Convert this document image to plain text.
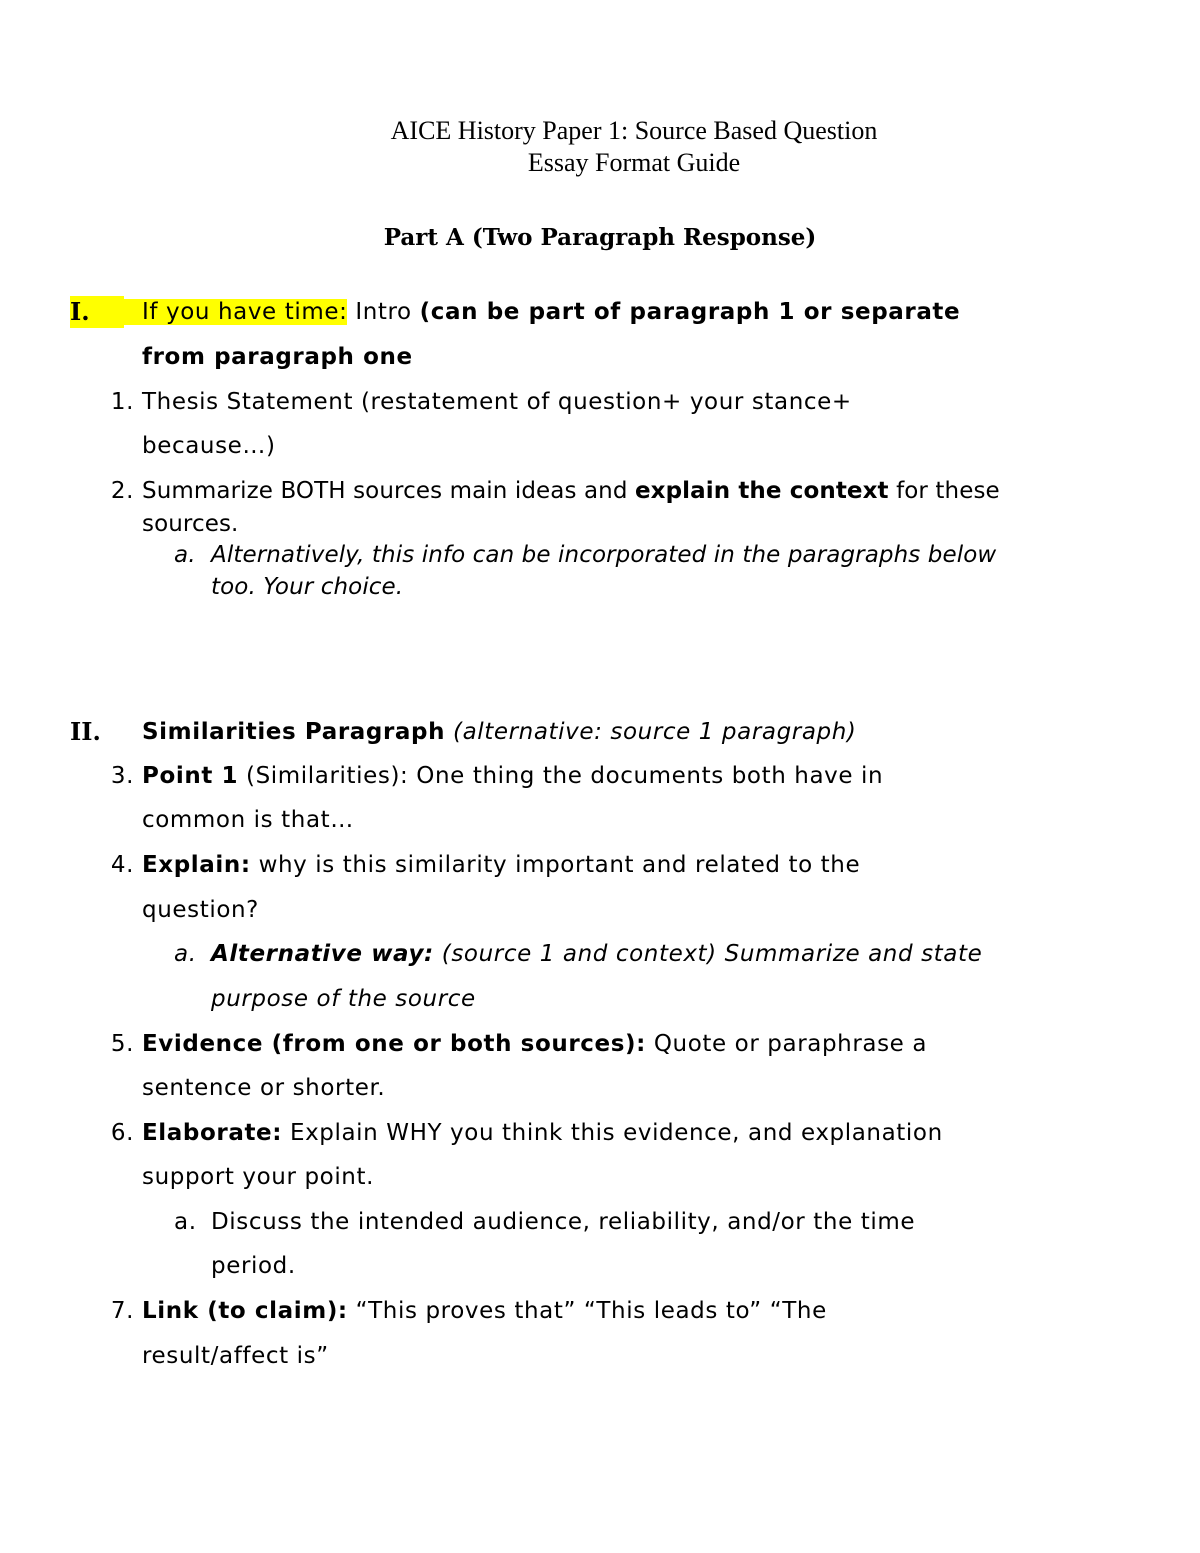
AICE History Paper 1: Source Based Question
Essay Format Guide
Part A (Two Paragraph Response)
I.	If you have time: Intro (can be part of paragraph 1 or separate
from paragraph one
1. Thesis Statement (restatement of question+ your stance+
because…)
2. Summarize BOTH sources main ideas and explain the context for these
sources.
a. Alternatively, this info can be incorporated in the paragraphs below
too. Your choice.
II. Similarities Paragraph (alternative: source 1 paragraph)
3. Point 1 (Similarities): One thing the documents both have in
common is that…
4. Explain: why is this similarity important and related to the
question?
a. Alternative way: (source 1 and context) Summarize and state
purpose of the source
5. Evidence (from one or both sources): Quote or paraphrase a
sentence or shorter.
6. Elaborate: Explain WHY you think this evidence, and explanation
support your point.
a. Discuss the intended audience, reliability, and/or the time
period.
7. Link (to claim): “This proves that” “This leads to” “The
result/affect is”
